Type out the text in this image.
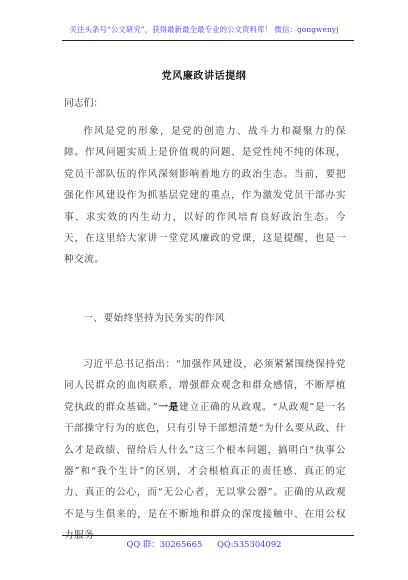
关注头条号“公文研究”，获得最新最全最专业的公文资料库！ 微信：gongwenyj
党风廉政讲话提纲
同志们：

作风是党的形象，是党的创造力、战斗力和凝聚力的保障。作风问题实质上是价值观的问题、是党性纯不纯的体现，党员干部队伍的作风深刻影响着地方的政治生态。当前，要把强化作风建设作为抓基层党建的重点，作为激发党员干部办实事、求实效的内生动力，以好的作风培育良好政治生态。今天，在这里给大家讲一堂党风廉政的党课，这是提醒，也是一种交流。

一、要始终坚持为民务实的作风

习近平总书记指出：“加强作风建设，必须紧紧围绕保持党同人民群众的血肉联系，增强群众观念和群众感情，不断厚植党执政的群众基础。”一是建立正确的从政观。“从政观”是一名干部操守行为的底色，只有引导干部想清楚“为什么要从政、什么才是政绩、留给后人什么”这三个根本问题，搞明白“执事公器”和“我个生计”的区别，才会根植真正的责任感、真正的定力、真正的公心，而“无公心者，无以掌公器”。正确的从政观不是与生俱来的，是在不断地和群众的深度接触中、在用公权力服务

QQ 群：30265665 QQ:535304092
